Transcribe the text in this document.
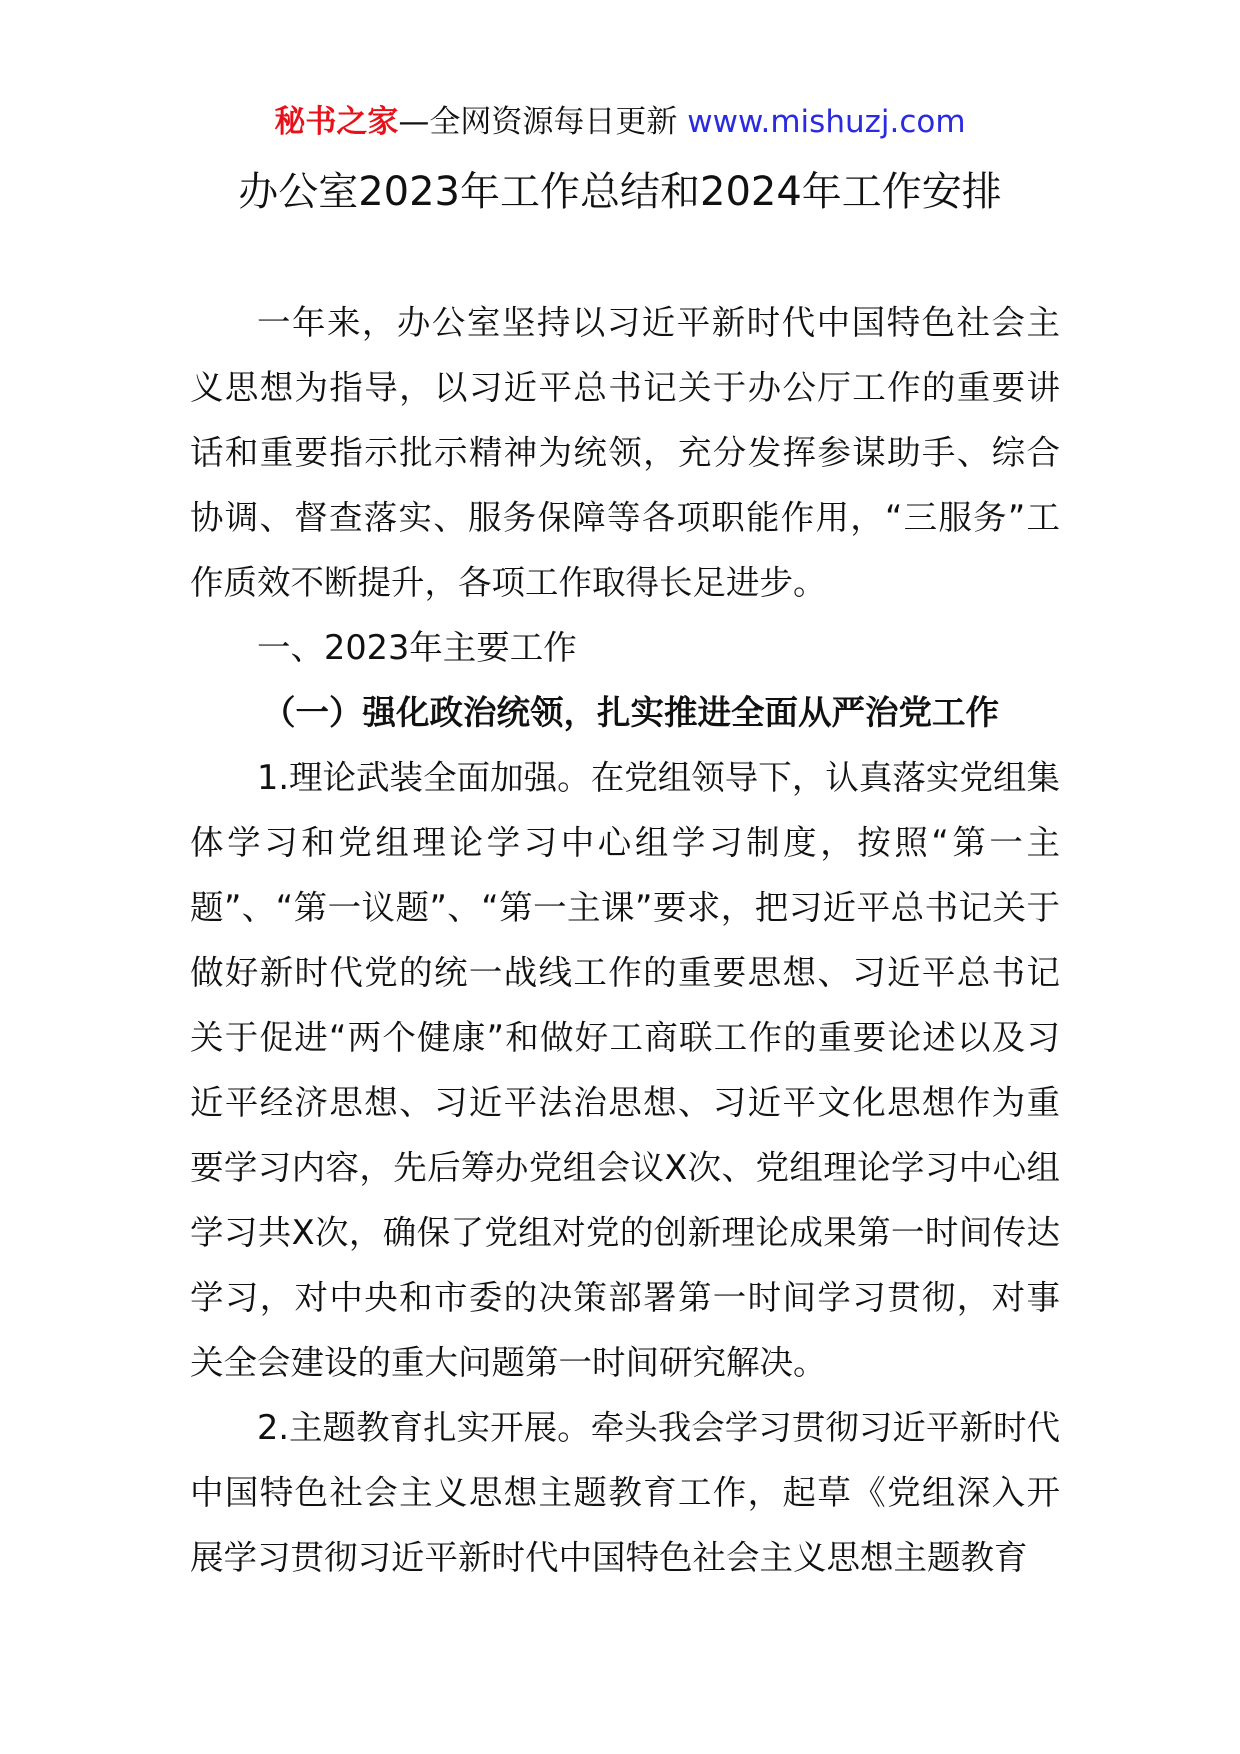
秘书之家—全网资源每日更新 www.mishuzj.com
办公室2023年工作总结和2024年工作安排

一年来，办公室坚持以习近平新时代中国特色社会主义思想为指导，以习近平总书记关于办公厅工作的重要讲话和重要指示批示精神为统领，充分发挥参谋助手、综合协调、督查落实、服务保障等各项职能作用，“三服务”工作质效不断提升，各项工作取得长足进步。

一、2023年主要工作

（一）强化政治统领，扎实推进全面从严治党工作

1.理论武装全面加强。在党组领导下，认真落实党组集体学习和党组理论学习中心组学习制度，按照“第一主题”、“第一议题”、“第一主课”要求，把习近平总书记关于做好新时代党的统一战线工作的重要思想、习近平总书记关于促进“两个健康”和做好工商联工作的重要论述以及习近平经济思想、习近平法治思想、习近平文化思想作为重要学习内容，先后筹办党组会议X次、党组理论学习中心组学习共X次，确保了党组对党的创新理论成果第一时间传达学习，对中央和市委的决策部署第一时间学习贯彻，对事关全会建设的重大问题第一时间研究解决。

2.主题教育扎实开展。牵头我会学习贯彻习近平新时代中国特色社会主义思想主题教育工作，起草《党组深入开展学习贯彻习近平新时代中国特色社会主义思想主题教育
